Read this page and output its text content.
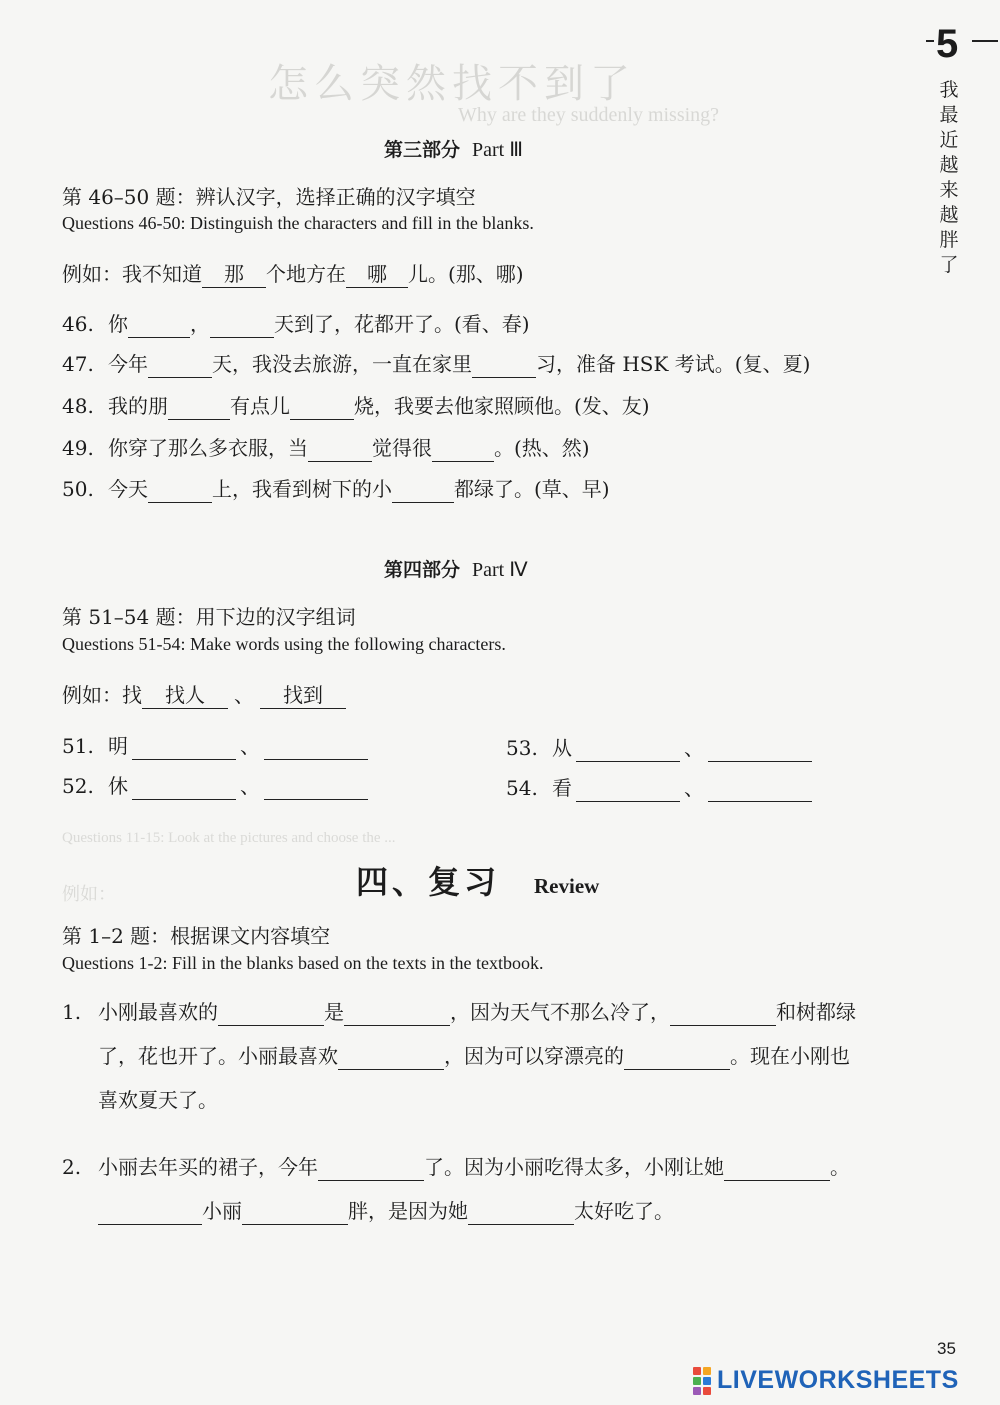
怎么突然找不到了
Why are they suddenly missing?
Questions 11-15: Look at the pictures and choose the ...
例如：
5
我
最
近
越
来
越
胖
了
第三部分 Part Ⅲ
第 46–50 题：辨认汉字，选择正确的汉字填空
Questions 46-50: Distinguish the characters and fill in the blanks.
例如：我不知道 那 个地方在 哪 儿。(那、哪)
46. 你	，	天到了，花都开了。(看、春)
47. 今年	天，我没去旅游，一直在家里	习，准备 HSK 考试。(复、夏)
48. 我的朋	有点儿	烧，我要去他家照顾他。(发、友)
49. 你穿了那么多衣服，当	觉得很	。(热、然)
50. 今天	上，我看到树下的小	都绿了。(草、早)
第四部分 Part Ⅳ
第 51–54 题：用下边的汉字组词
Questions 51-54: Make words using the following characters.
例如：找 找人 、 找到
51. 明	、	53. 从	、
52. 休	、	54. 看	、
四、复习 Review
第 1–2 题：根据课文内容填空
Questions 1-2: Fill in the blanks based on the texts in the textbook.
1. 小刚最喜欢的	是	，因为天气不那么冷了，	和树都绿
了，花也开了。小丽最喜欢	，因为可以穿漂亮的	。现在小刚也
喜欢夏天了。
2. 小丽去年买的裙子，今年	了。因为小丽吃得太多，小刚让她	。
小丽	胖，是因为她	太好吃了。
35
LIVEWORKSHEETS
